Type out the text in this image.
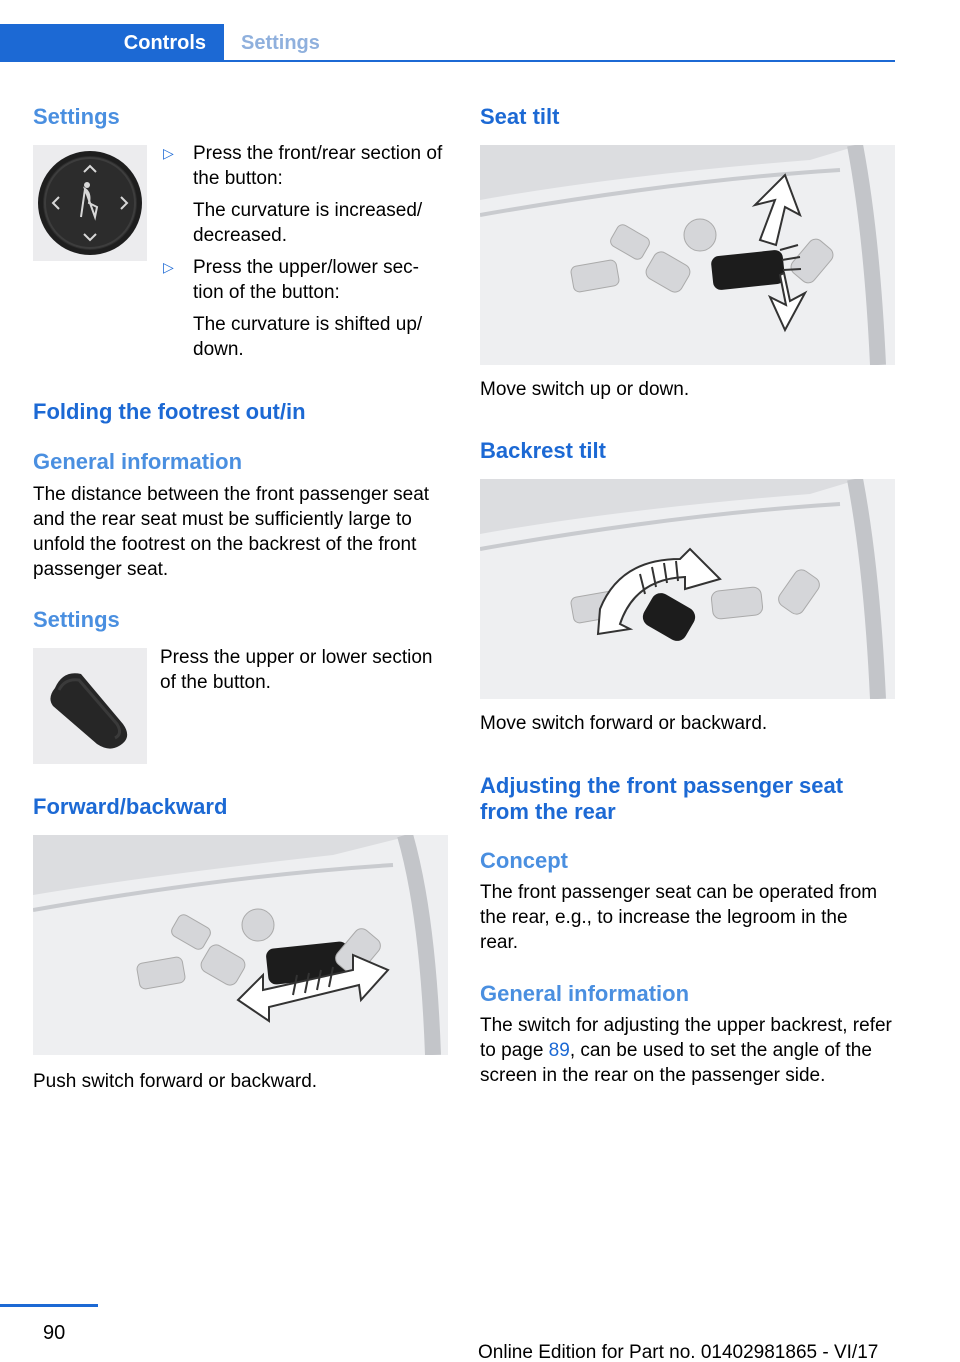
Controls	Settings
Settings
▷ Press the front/rear section of the button:
The curvature is increased/ decreased.
▷ Press the upper/lower sec‐ tion of the button:
The curvature is shifted up/ down.
Folding the footrest out/in
General information

The distance between the front passenger seat and the rear seat must be sufficiently large to unfold the footrest on the backrest of the front passenger seat.

Settings

Press the upper or lower section of the button.

Forward/backward

Push switch forward or backward.

Seat tilt

Move switch up or down.

Backrest tilt

Move switch forward or backward.

Adjusting the front passenger seat from the rear
Concept

The front passenger seat can be operated from the rear, e.g., to increase the legroom in the rear.

General information

The switch for adjusting the upper backrest, refer to page 89, can be used to set the angle of the screen in the rear on the passenger side.

90
Online Edition for Part no. 01402981865 - VI/17
